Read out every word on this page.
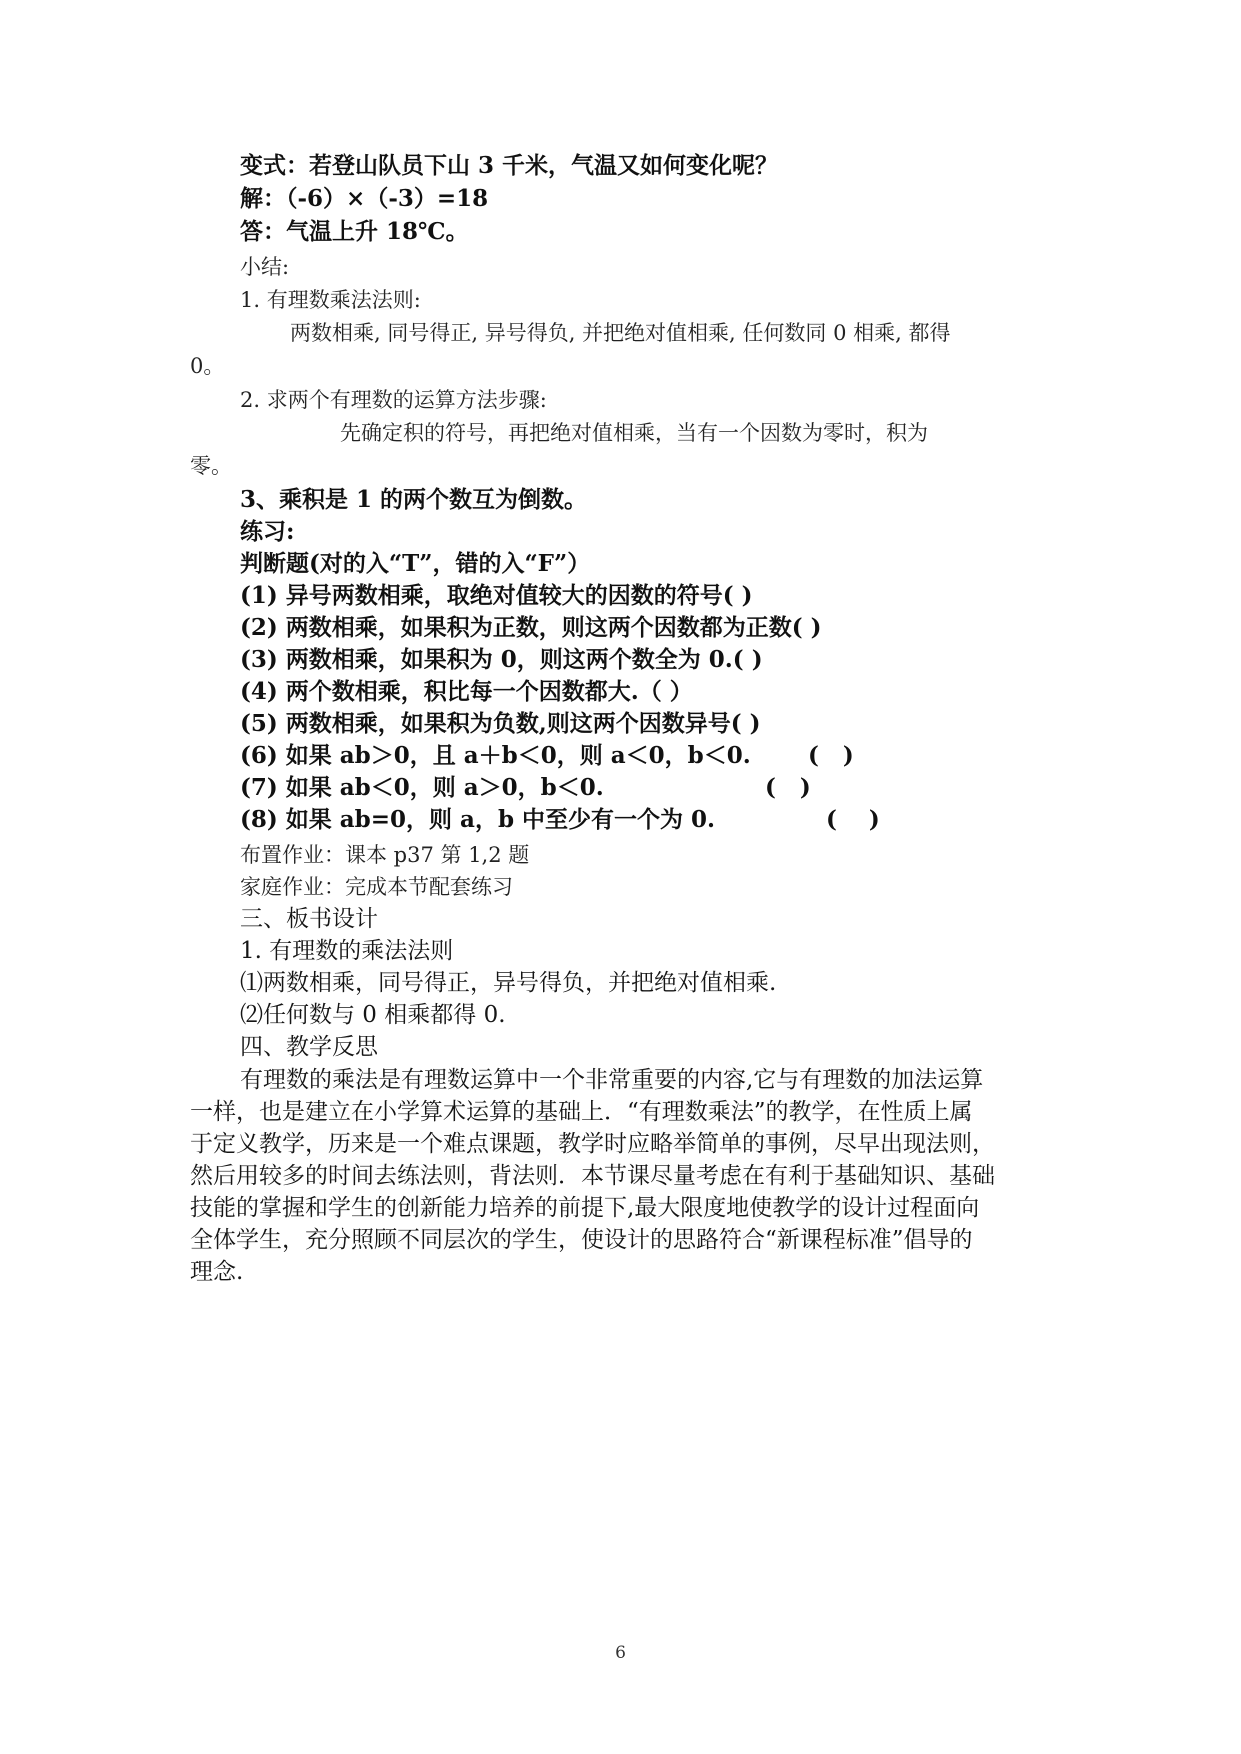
变式：若登山队员下山 3 千米，气温又如何变化呢？
解：（-6）×（-3）=18
答：气温上升 18℃。
小结:
1. 有理数乘法法则:
两数相乘, 同号得正, 异号得负, 并把绝对值相乘, 任何数同 0 相乘, 都得
0。
2. 求两个有理数的运算方法步骤:
先确定积的符号，再把绝对值相乘，当有一个因数为零时，积为
零。
3、乘积是 1 的两个数互为倒数。
练习:
判断题(对的入“T”，错的入“F”）
(1) 异号两数相乘，取绝对值较大的因数的符号( )
(2) 两数相乘，如果积为正数，则这两个因数都为正数( )
(3) 两数相乘，如果积为 0，则这两个数全为 0.( )
(4) 两个数相乘，积比每一个因数都大.（ ）
(5) 两数相乘，如果积为负数,则这两个因数异号( )
(6) 如果 ab＞0，且 a＋b＜0，则 a＜0，b＜0. (   )
(7) 如果 ab＜0，则 a＞0，b＜0.	(   )
(8) 如果 ab=0，则 a，b 中至少有一个为 0.	(    )
布置作业：课本 p37 第 1,2 题
家庭作业：完成本节配套练习
三、板书设计
1. 有理数的乘法法则
⑴两数相乘，同号得正，异号得负，并把绝对值相乘.
⑵任何数与 0 相乘都得 0.
四、教学反思
有理数的乘法是有理数运算中一个非常重要的内容,它与有理数的加法运算
一样，也是建立在小学算术运算的基础上．“有理数乘法”的教学，在性质上属
于定义教学，历来是一个难点课题，教学时应略举简单的事例，尽早出现法则，
然后用较多的时间去练法则，背法则．本节课尽量考虑在有利于基础知识、基础
技能的掌握和学生的创新能力培养的前提下,最大限度地使教学的设计过程面向
全体学生，充分照顾不同层次的学生，使设计的思路符合“新课程标准”倡导的
理念.
6
